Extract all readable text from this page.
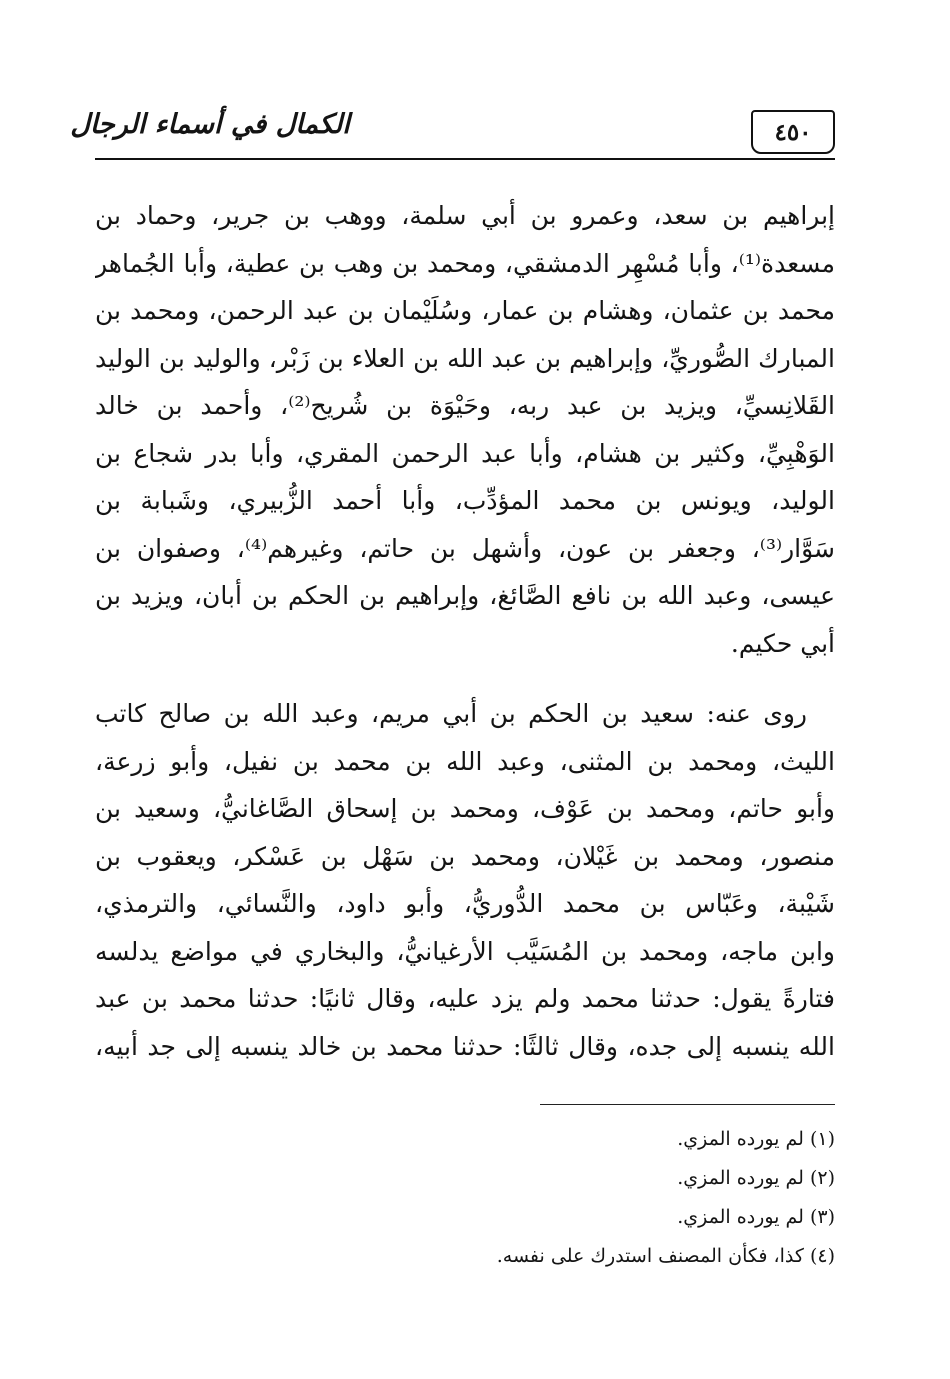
٤٥٠
الكمال في أسماء الرجال
إبراهيم بن سعد، وعمرو بن أبي سلمة، ووهب بن جرير، وحماد بن
مسعدة⁽¹⁾، وأبا مُسْهِر الدمشقي، ومحمد بن وهب بن عطية، وأبا الجُماهر
محمد بن عثمان، وهشام بن عمار، وسُلَيْمان بن عبد الرحمن، ومحمد بن
المبارك الصُّوريِّ، وإبراهيم بن عبد الله بن العلاء بن زَبْر، والوليد بن الوليد
القَلانِسيِّ، ويزيد بن عبد ربه، وحَيْوَة بن شُريح⁽²⁾، وأحمد بن خالد
الوَهْبِيِّ، وكثير بن هشام، وأبا عبد الرحمن المقري، وأبا بدر شجاع بن
الوليد، ويونس بن محمد المؤدِّب، وأبا أحمد الزُّبيري، وشَبابة بن
سَوَّار⁽³⁾، وجعفر بن عون، وأشهل بن حاتم، وغيرهم⁽⁴⁾، وصفوان بن
عيسى، وعبد الله بن نافع الصَّائغ، وإبراهيم بن الحكم بن أبان، ويزيد بن
أبي حكيم.
روى عنه: سعيد بن الحكم بن أبي مريم، وعبد الله بن صالح كاتب
الليث، ومحمد بن المثنى، وعبد الله بن محمد بن نفيل، وأبو زرعة،
وأبو حاتم، ومحمد بن عَوْف، ومحمد بن إسحاق الصَّاغانيُّ، وسعيد بن
منصور، ومحمد بن غَيْلان، ومحمد بن سَهْل بن عَسْكر، ويعقوب بن
شَيْبة، وعَبّاس بن محمد الدُّوريُّ، وأبو داود، والنَّسائي، والترمذي،
وابن ماجه، ومحمد بن المُسَيَّب الأرغيانيُّ، والبخاري في مواضع يدلسه
فتارةً يقول: حدثنا محمد ولم يزد عليه، وقال ثانيًا: حدثنا محمد بن عبد
الله ينسبه إلى جده، وقال ثالثًا: حدثنا محمد بن خالد ينسبه إلى جد أبيه،
(١) لم يورده المزي.
(٢) لم يورده المزي.
(٣) لم يورده المزي.
(٤) كذا، فكأن المصنف استدرك على نفسه.
